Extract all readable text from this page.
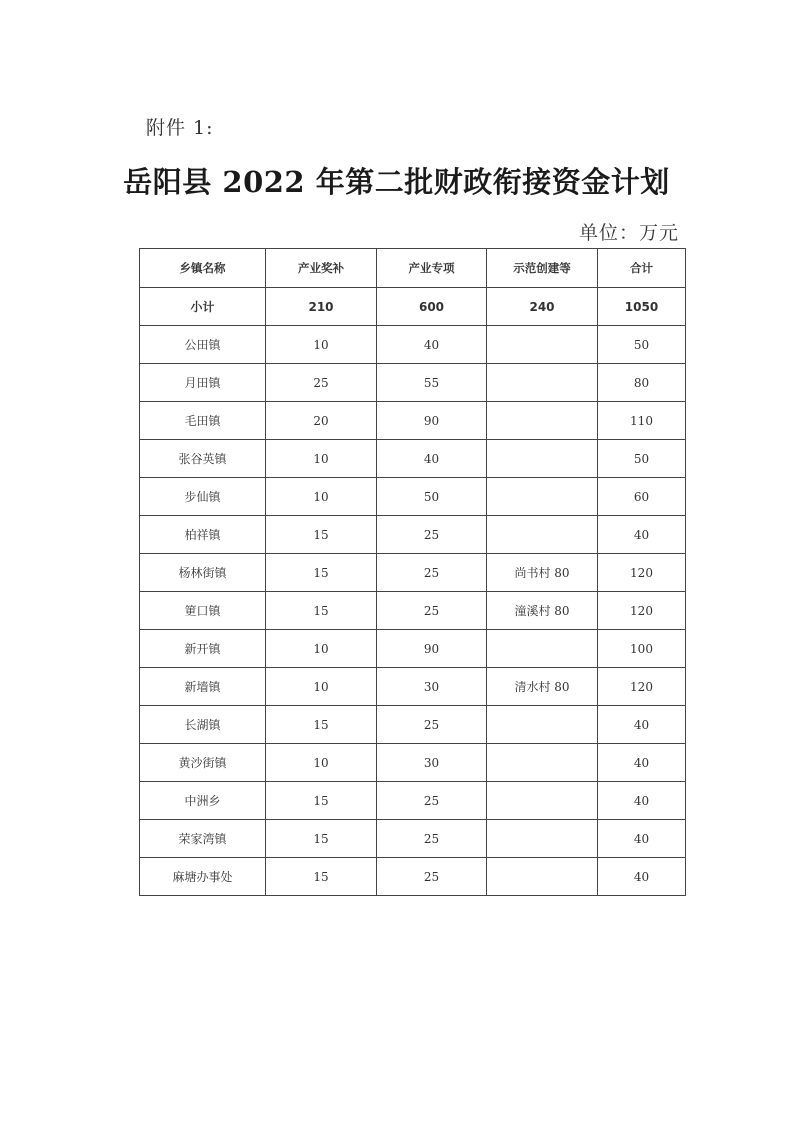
附件 1:
岳阳县 2022 年第二批财政衔接资金计划
单位：万元
乡镇名称	产业奖补	产业专项	示范创建等	合计
小计	210	600	240	1050
公田镇	10	40		50
月田镇	25	55		80
毛田镇	20	90		110
张谷英镇	10	40		50
步仙镇	10	50		60
柏祥镇	15	25		40
杨林街镇	15	25	尚书村 80	120
筻口镇	15	25	潼溪村 80	120
新开镇	10	90		100
新墙镇	10	30	清水村 80	120
长湖镇	15	25		40
黄沙街镇	10	30		40
中洲乡	15	25		40
荣家湾镇	15	25		40
麻塘办事处	15	25		40
